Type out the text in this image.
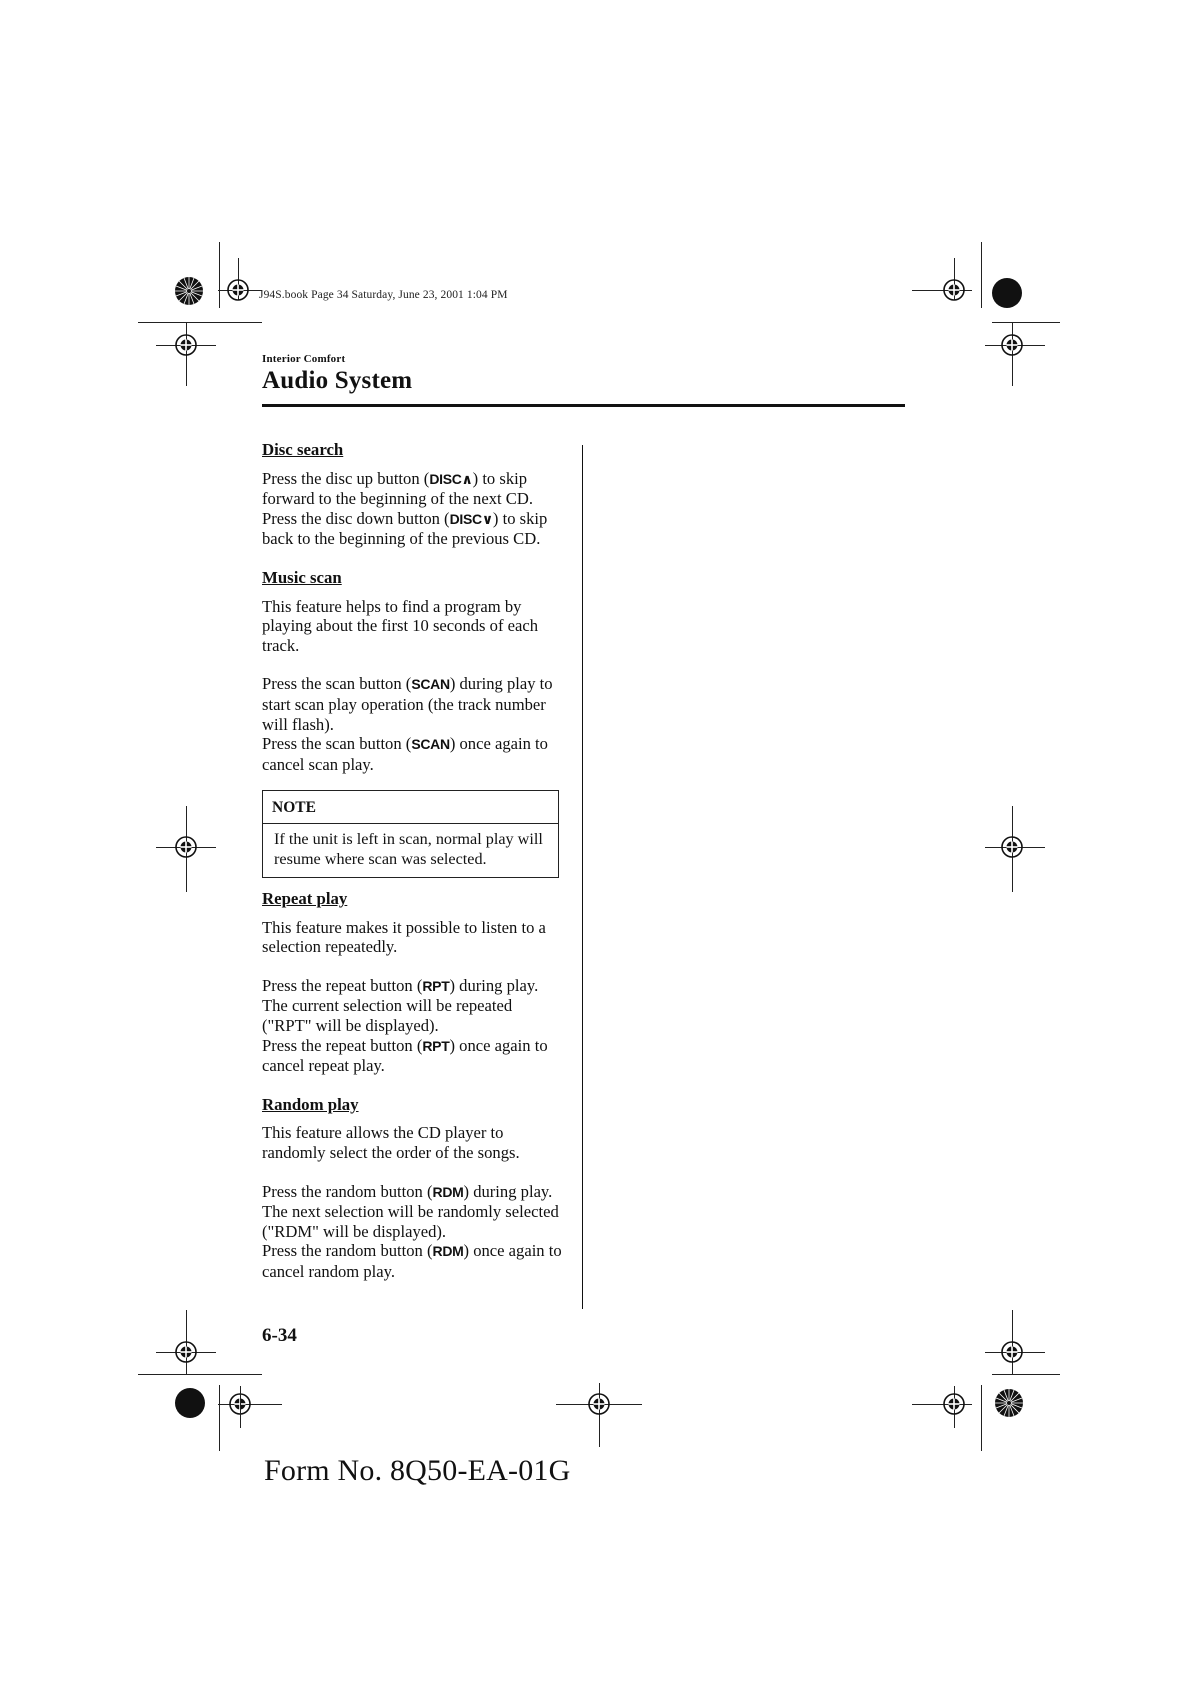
J94S.book Page 34 Saturday, June 23, 2001 1:04 PM
Interior Comfort
Audio System
Disc search
Press the disc up button (DISC∧) to skip forward to the beginning of the next CD. Press the disc down button (DISC∨) to skip back to the beginning of the previous CD.
Music scan
This feature helps to find a program by playing about the first 10 seconds of each track.
Press the scan button (SCAN) during play to start scan play operation (the track number will flash).
Press the scan button (SCAN) once again to cancel scan play.
NOTE
If the unit is left in scan, normal play will resume where scan was selected.
Repeat play
This feature makes it possible to listen to a selection repeatedly.
Press the repeat button (RPT) during play. The current selection will be repeated ("RPT" will be displayed).
Press the repeat button (RPT) once again to cancel repeat play.
Random play
This feature allows the CD player to randomly select the order of the songs.
Press the random button (RDM) during play. The next selection will be randomly selected ("RDM" will be displayed).
Press the random button (RDM) once again to cancel random play.
6-34
Form No. 8Q50-EA-01G
